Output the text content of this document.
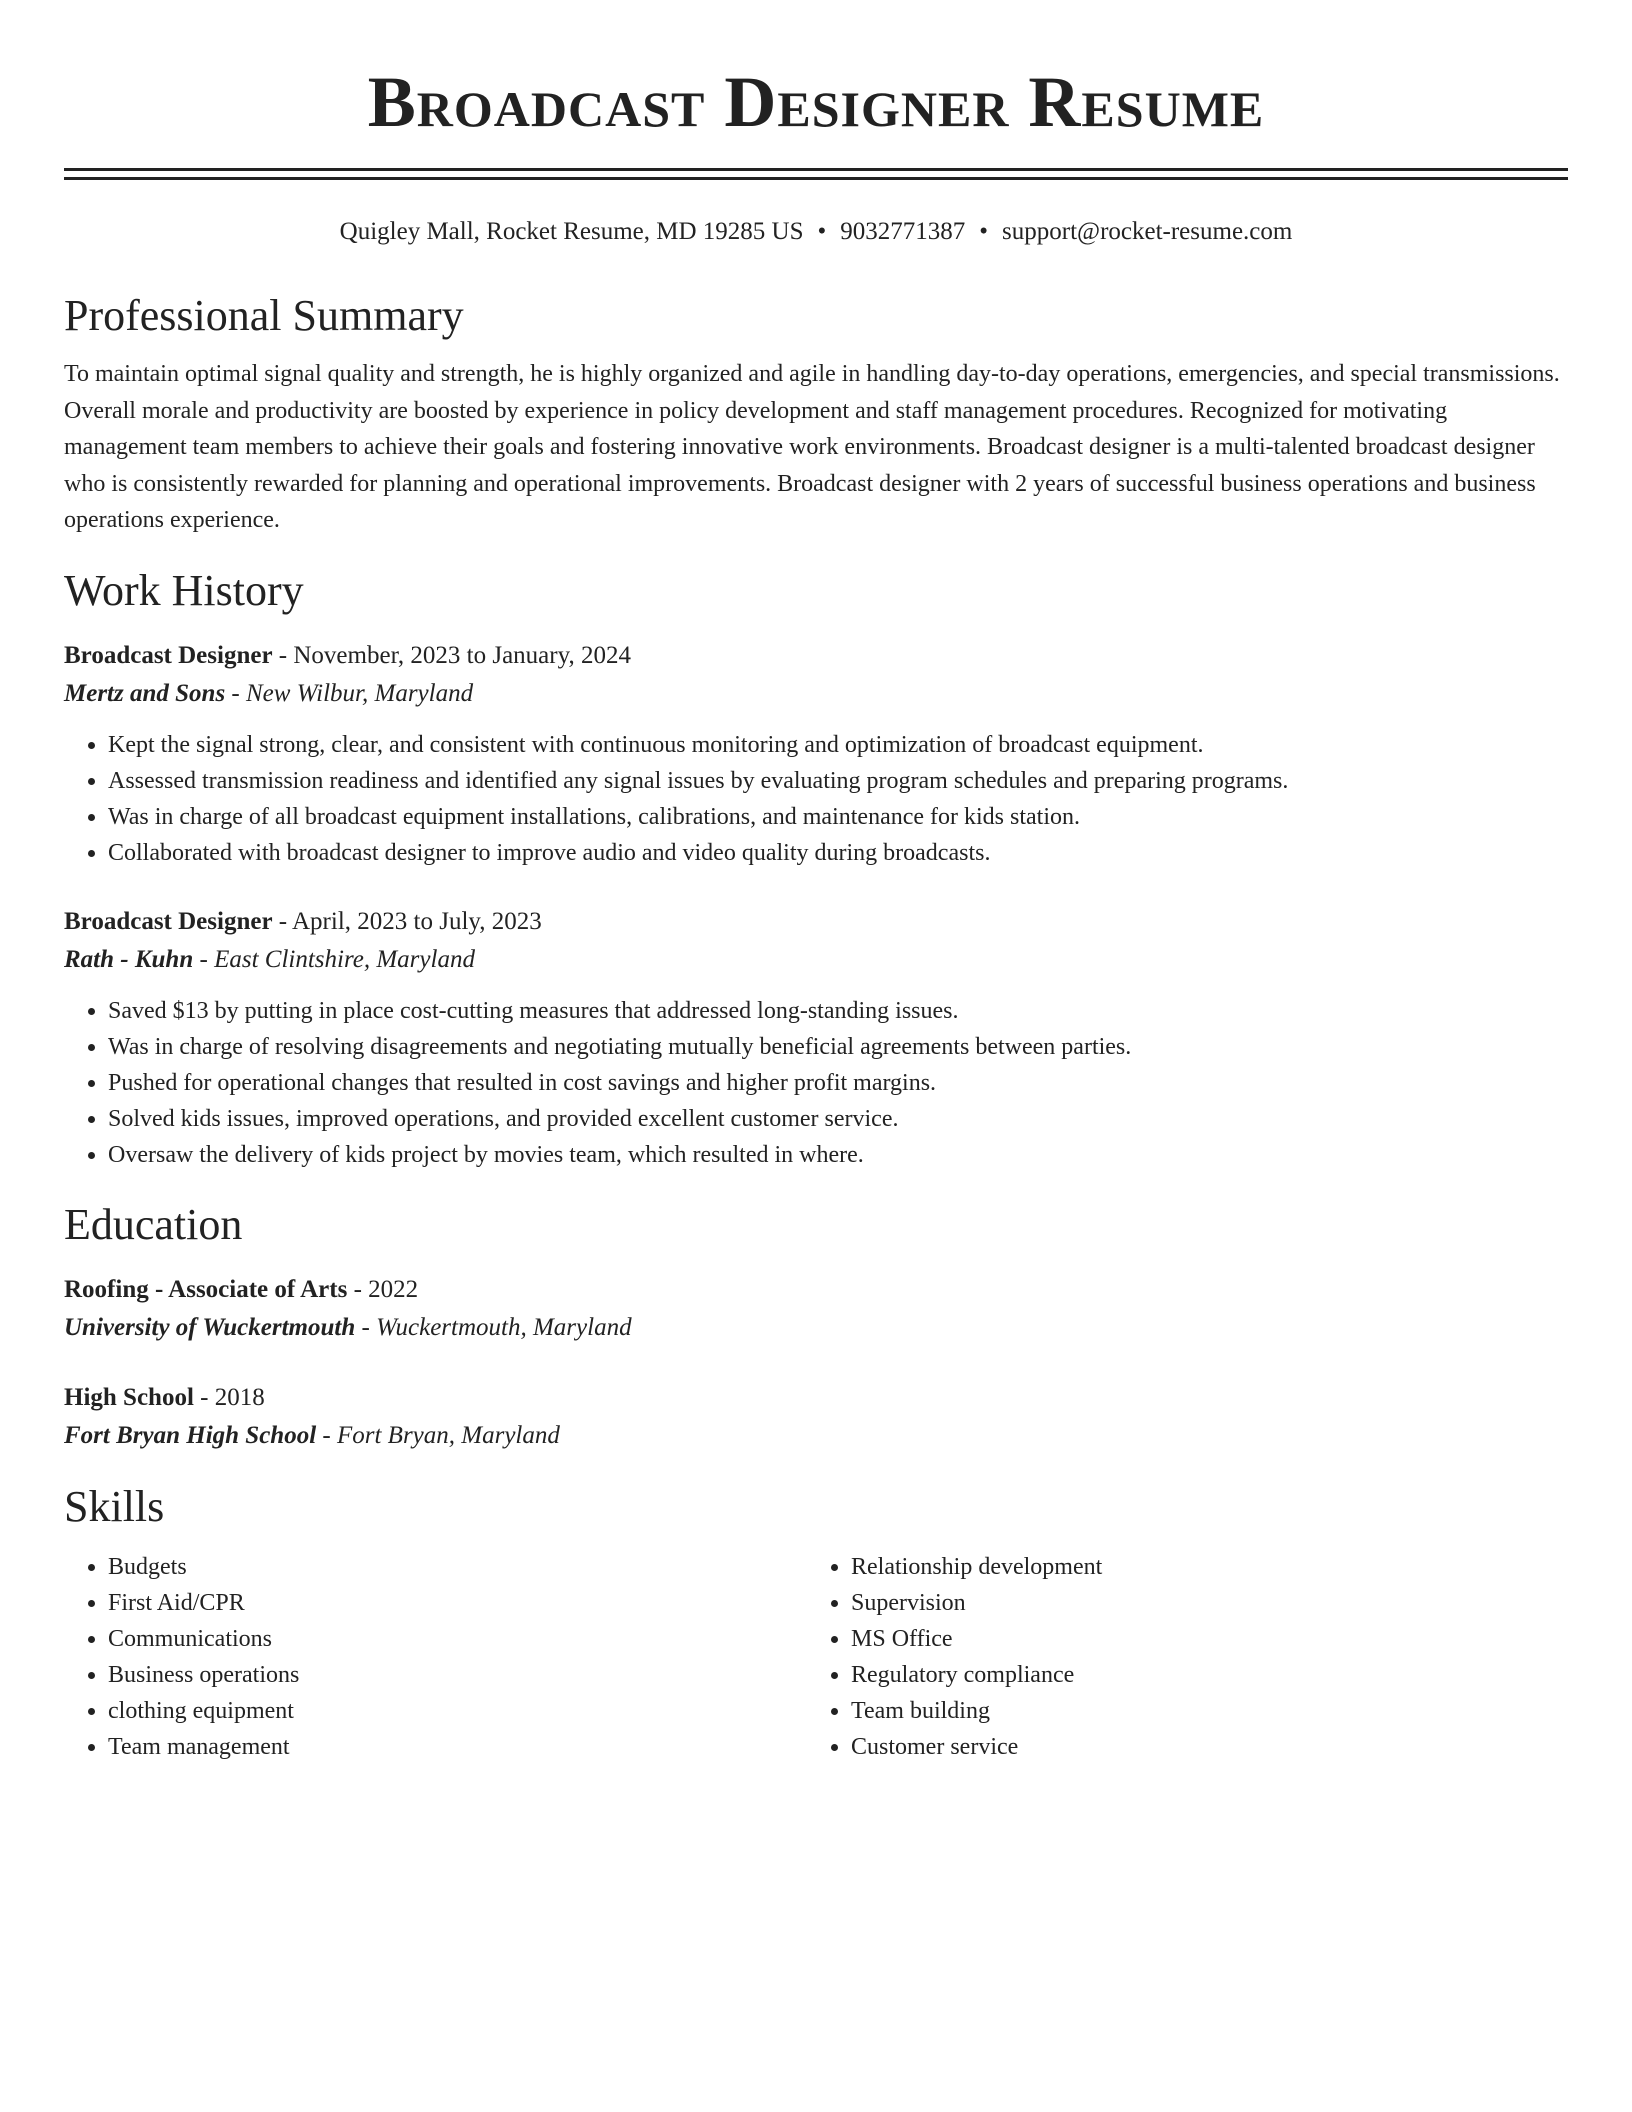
Broadcast Designer Resume
Quigley Mall, Rocket Resume, MD 19285 US • 9032771387 • support@rocket-resume.com
Professional Summary

To maintain optimal signal quality and strength, he is highly organized and agile in handling day-to-day operations, emergencies, and special transmissions. Overall morale and productivity are boosted by experience in policy development and staff management procedures. Recognized for motivating management team members to achieve their goals and fostering innovative work environments. Broadcast designer is a multi-talented broadcast designer who is consistently rewarded for planning and operational improvements. Broadcast designer with 2 years of successful business operations and business operations experience.

Work History
Broadcast Designer - November, 2023 to January, 2024
Mertz and Sons - New Wilbur, Maryland
• Kept the signal strong, clear, and consistent with continuous monitoring and optimization of broadcast equipment.
• Assessed transmission readiness and identified any signal issues by evaluating program schedules and preparing programs.
• Was in charge of all broadcast equipment installations, calibrations, and maintenance for kids station.
• Collaborated with broadcast designer to improve audio and video quality during broadcasts.
Broadcast Designer - April, 2023 to July, 2023
Rath - Kuhn - East Clintshire, Maryland
• Saved $13 by putting in place cost-cutting measures that addressed long-standing issues.
• Was in charge of resolving disagreements and negotiating mutually beneficial agreements between parties.
• Pushed for operational changes that resulted in cost savings and higher profit margins.
• Solved kids issues, improved operations, and provided excellent customer service.
• Oversaw the delivery of kids project by movies team, which resulted in where.
Education
Roofing - Associate of Arts - 2022
University of Wuckertmouth - Wuckertmouth, Maryland
High School - 2018
Fort Bryan High School - Fort Bryan, Maryland
Skills
• Budgets
• First Aid/CPR
• Communications
• Business operations
• clothing equipment
• Team management
• Relationship development
• Supervision
• MS Office
• Regulatory compliance
• Team building
• Customer service
